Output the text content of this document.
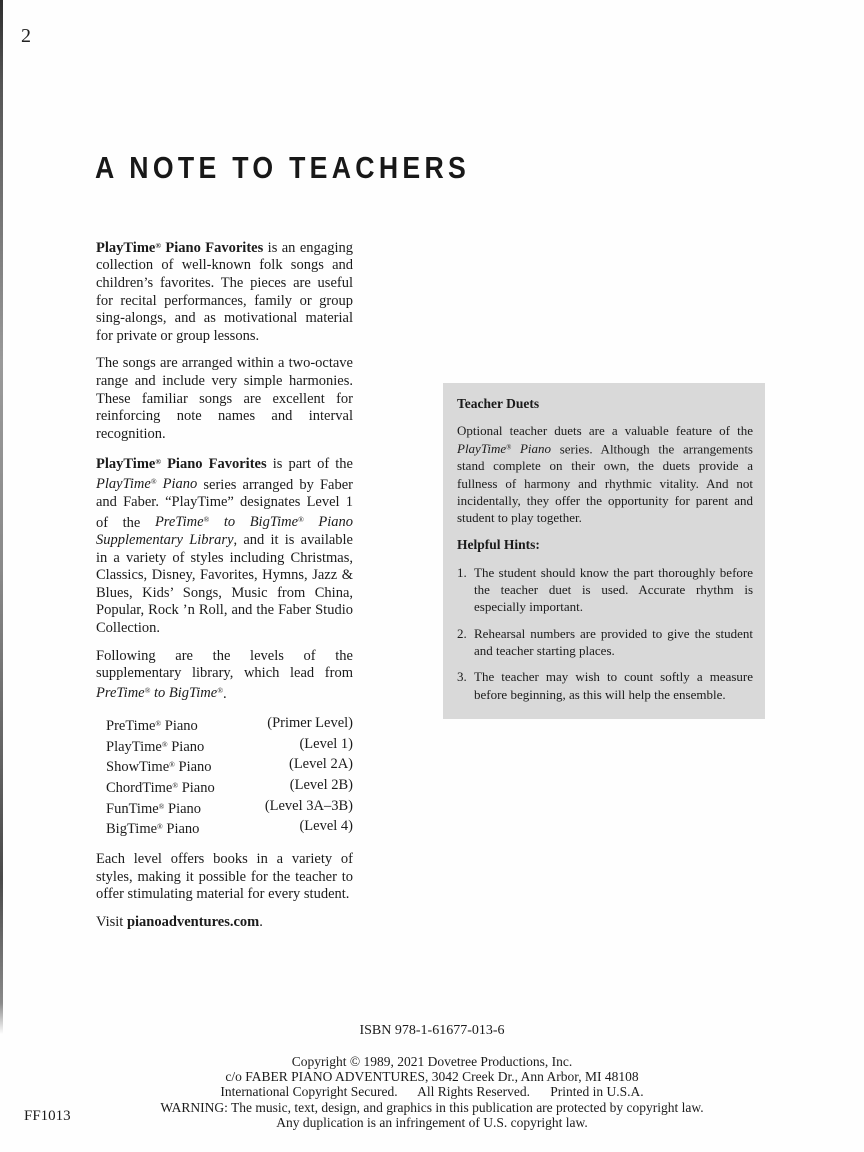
2
A NOTE TO TEACHERS

PlayTime® Piano Favorites is an engaging collection of well-known folk songs and children’s favorites. The pieces are useful for recital performances, family or group sing-alongs, and as motivational material for private or group lessons.

The songs are arranged within a two-octave range and include very simple harmonies. These familiar songs are excellent for reinforcing note names and interval recognition.

PlayTime® Piano Favorites is part of the PlayTime® Piano series arranged by Faber and Faber. “PlayTime” designates Level 1 of the PreTime® to BigTime® Piano Supplementary Library, and it is available in a variety of styles including Christmas, Classics, Disney, Favorites, Hymns, Jazz & Blues, Kids’ Songs, Music from China, Popular, Rock ’n Roll, and the Faber Studio Collection.

Following are the levels of the supplementary library, which lead from PreTime® to BigTime®.

PreTime® Piano	(Primer Level)
PlayTime® Piano	(Level 1)
ShowTime® Piano	(Level 2A)
ChordTime® Piano	(Level 2B)
FunTime® Piano	(Level 3A–3B)
BigTime® Piano	(Level 4)

Each level offers books in a variety of styles, making it possible for the teacher to offer stimulating material for every student.

Visit pianoadventures.com.

Teacher Duets

Optional teacher duets are a valuable feature of the PlayTime® Piano series. Although the arrangements stand complete on their own, the duets provide a fullness of harmony and rhythmic vitality. And not incidentally, they offer the opportunity for parent and student to play together.

Helpful Hints:
1. The student should know the part thoroughly before the teacher duet is used. Accurate rhythm is especially important.
2. Rehearsal numbers are provided to give the student and teacher starting places.
3. The teacher may wish to count softly a measure before beginning, as this will help the ensemble.
ISBN 978-1-61677-013-6
Copyright © 1989, 2021 Dovetree Productions, Inc.
c/o FABER PIANO ADVENTURES, 3042 Creek Dr., Ann Arbor, MI 48108
International Copyright Secured.      All Rights Reserved.      Printed in U.S.A.
WARNING: The music, text, design, and graphics in this publication are protected by copyright law.
Any duplication is an infringement of U.S. copyright law.
FF1013
